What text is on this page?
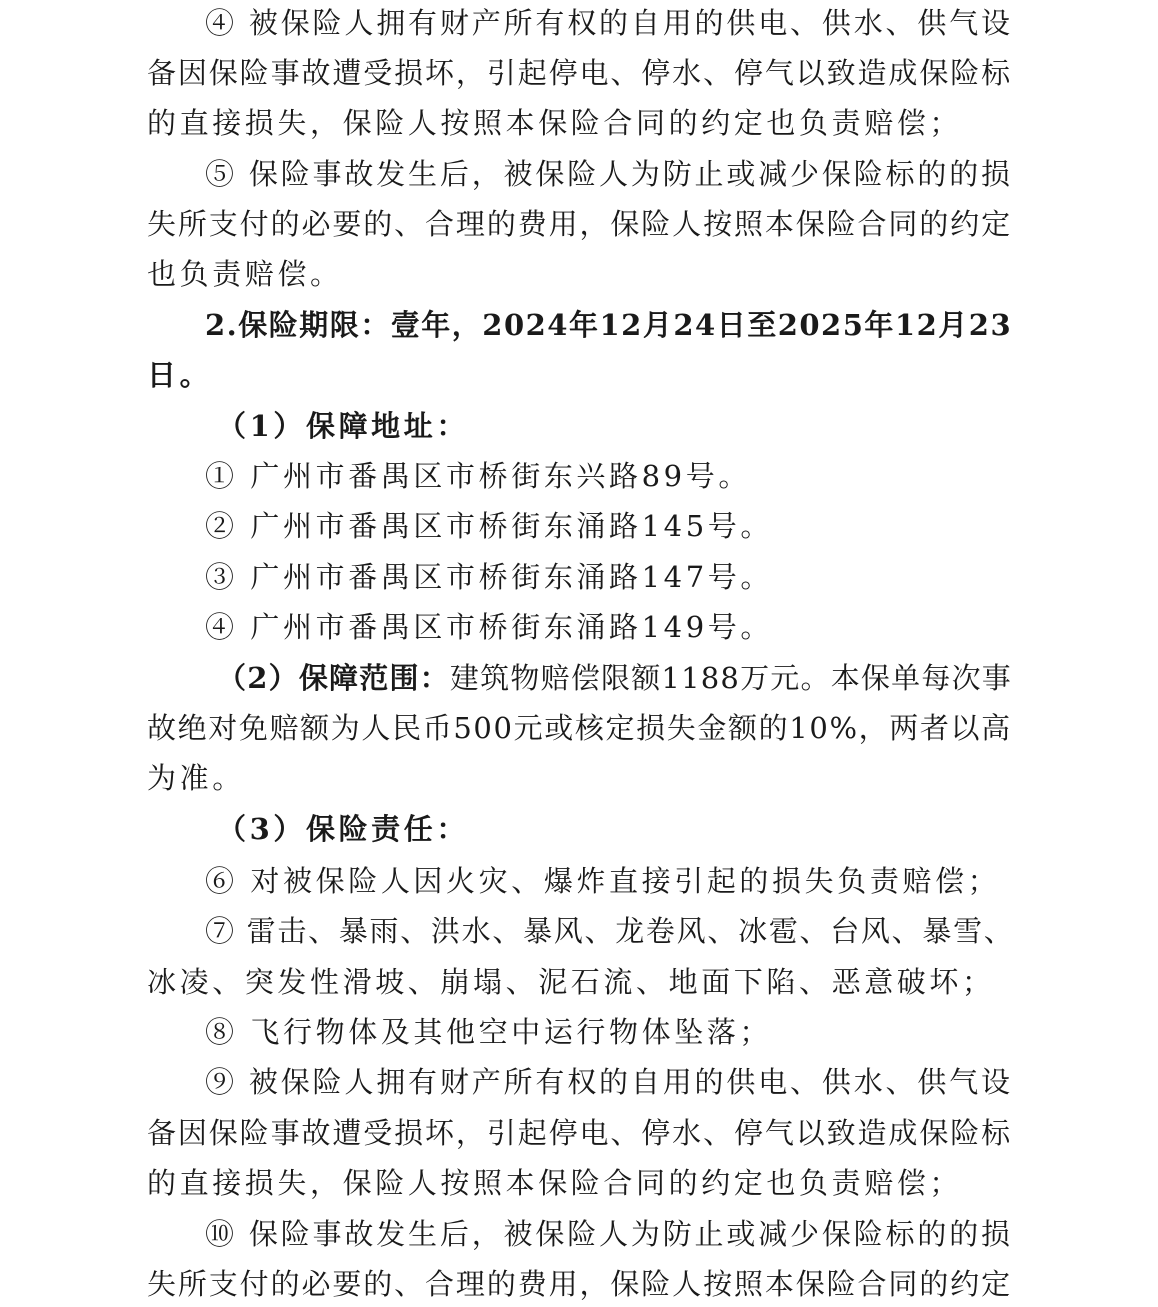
④ 被保险人拥有财产所有权的自用的供电、供水、供气设
备因保险事故遭受损坏，引起停电、停水、停气以致造成保险标
的直接损失，保险人按照本保险合同的约定也负责赔偿；
⑤ 保险事故发生后，被保险人为防止或减少保险标的的损
失所支付的必要的、合理的费用，保险人按照本保险合同的约定
也负责赔偿。
2.保险期限：壹年，2024年12月24日至2025年12月23
日。
（1）保障地址：
① 广州市番禺区市桥街东兴路89号。
② 广州市番禺区市桥街东涌路145号。
③ 广州市番禺区市桥街东涌路147号。
④ 广州市番禺区市桥街东涌路149号。
（2）保障范围：建筑物赔偿限额1188万元。本保单每次事
故绝对免赔额为人民币500元或核定损失金额的10%，两者以高
为准。
（3）保险责任：
⑥ 对被保险人因火灾、爆炸直接引起的损失负责赔偿；
⑦ 雷击、暴雨、洪水、暴风、龙卷风、冰雹、台风、暴雪、
冰凌、突发性滑坡、崩塌、泥石流、地面下陷、恶意破坏；
⑧ 飞行物体及其他空中运行物体坠落；
⑨ 被保险人拥有财产所有权的自用的供电、供水、供气设
备因保险事故遭受损坏，引起停电、停水、停气以致造成保险标
的直接损失，保险人按照本保险合同的约定也负责赔偿；
⑩ 保险事故发生后，被保险人为防止或减少保险标的的损
失所支付的必要的、合理的费用，保险人按照本保险合同的约定
